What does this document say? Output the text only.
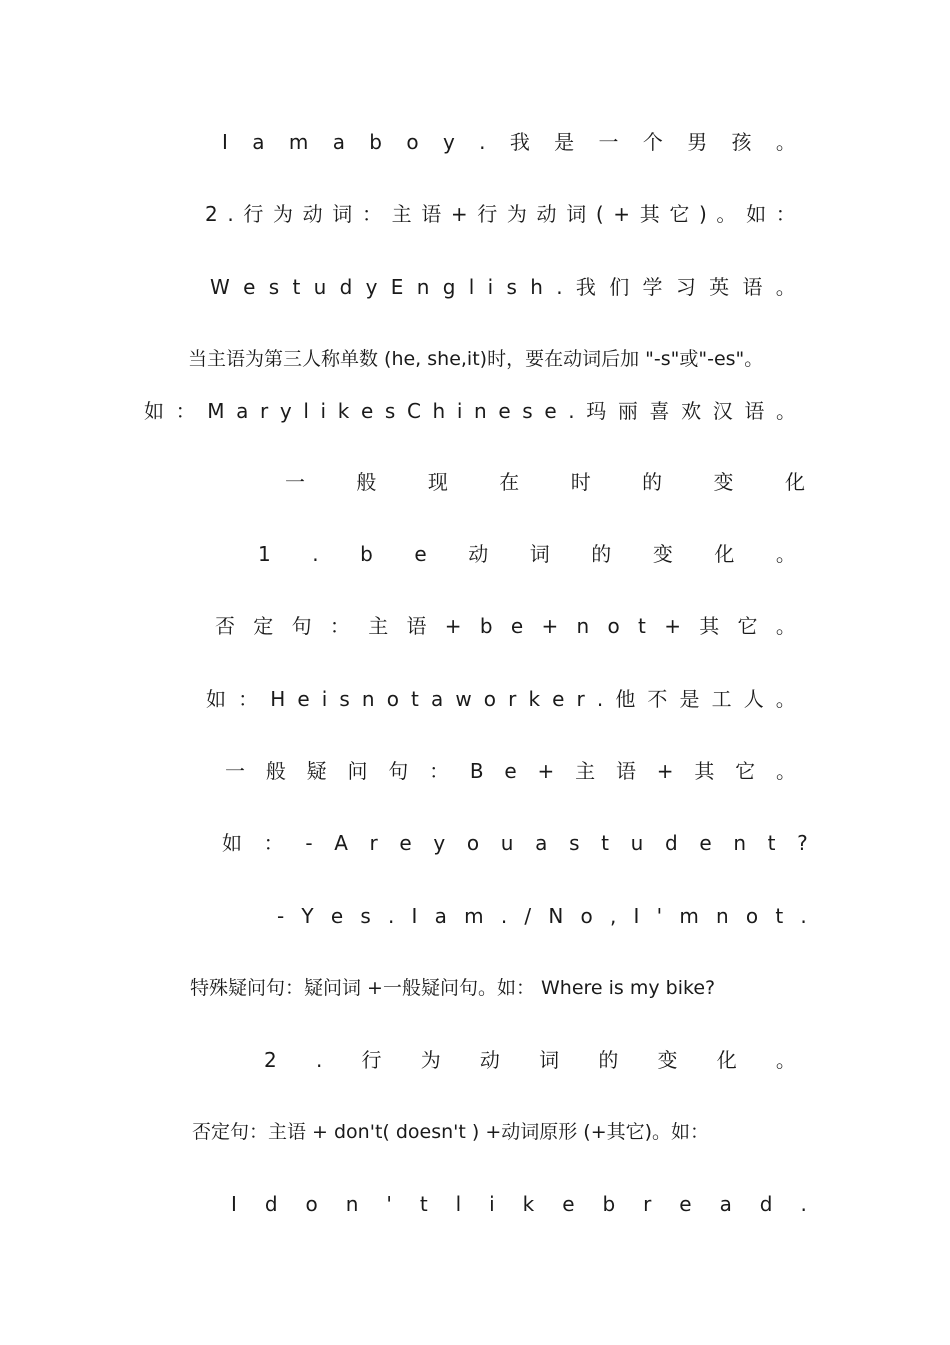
I a m a b o y . 我 是 一 个 男 孩 。
2 . 行 为 动 词 ： 主 语 + 行 为 动 词 ( + 其 它 ) 。 如 ：
W e s t u d y E n g l i s h . 我 们 学 习 英 语 。
当主语为第三人称单数 (he, she,it)时，要在动词后加 "-s"或"-es"。
如 ： M a r y l i k e s C h i n e s e . 玛 丽 喜 欢 汉 语 。
一	般	现	在	时	的	变	化
1 . b e 动 词 的 变 化 。
否 定 句 ： 主 语 + b e + n o t + 其 它 。
如 ： H e i s n o t a w o r k e r . 他 不 是 工 人 。
一 般 疑 问 句 ： B e + 主 语 + 其 它 。
如 ： - A r e y o u a s t u d e n t ?
- Y e s . I a m . / N o , I ' m n o t .
特殊疑问句：疑问词 +一般疑问句。如： Where is my bike?
2 . 行 为 动 词 的 变 化 。
否定句：主语 + don't( doesn't ) +动词原形 (+其它)。如：
I d o n ' t l i k e b r e a d .
